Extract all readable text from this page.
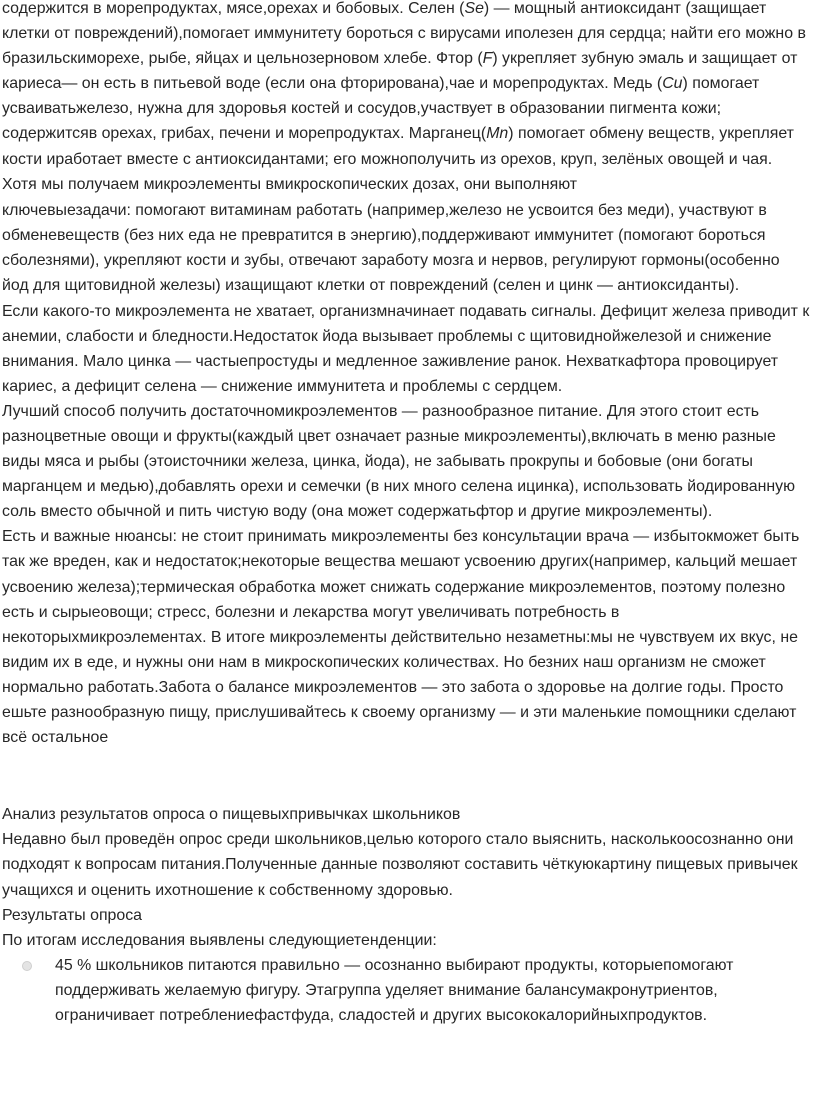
содержится в морепродуктах, мясе,орехах и бобовых. Селен (Se) — мощный антиоксидант (защищает клетки от повреждений),помогает иммунитету бороться с вирусами иполезен для сердца; найти его можно в бразильскиморехе, рыбе, яйцах и цельнозерновом хлебе. Фтор (F) укрепляет зубную эмаль и защищает от кариеса— он есть в питьевой воде (если она фторирована),чае и морепродуктах. Медь (Cu) помогает усваиватьжелезо, нужна для здоровья костей и сосудов,участвует в образовании пигмента кожи; содержитсяв орехах, грибах, печени и морепродуктах. Марганец(Mn) помогает обмену веществ, укрепляет кости иработает вместе с антиоксидантами; его можнополучить из орехов, круп, зелёных овощей и чая.

Хотя мы получаем микроэлементы вмикроскопических дозах, они выполняют

ключевыезадачи: помогают витаминам работать (например,железо не усвоится без меди), участвуют в обменевеществ (без них еда не превратится в энергию),поддерживают иммунитет (помогают бороться сболезнями), укрепляют кости и зубы, отвечают заработу мозга и нервов, регулируют гормоны(особенно йод для щитовидной железы) изащищают клетки от повреждений (селен и цинк — антиоксиданты).

Если какого-то микроэлемента не хватает, организмначинает подавать сигналы. Дефицит железа приводит к анемии, слабости и бледности.Недостаток йода вызывает проблемы с щитовиднойжелезой и снижение внимания. Мало цинка — частыепростуды и медленное заживление ранок. Нехваткафтора провоцирует кариес, а дефицит селена — снижение иммунитета и проблемы с сердцем.

Лучший способ получить достаточномикроэлементов — разнообразное питание. Для этого стоит есть разноцветные овощи и фрукты(каждый цвет означает разные микроэлементы),включать в меню разные виды мяса и рыбы (этоисточники железа, цинка, йода), не забывать прокрупы и бобовые (они богаты марганцем и медью),добавлять орехи и семечки (в них много селена ицинка), использовать йодированную соль вместо обычной и пить чистую воду (она может содержатьфтор и другие микроэлементы).

Есть и важные нюансы: не стоит принимать микроэлементы без консультации врача — избытокможет быть так же вреден, как и недостаток;некоторые вещества мешают усвоению других(например, кальций мешает усвоению железа);термическая обработка может снижать содержание микроэлементов, поэтому полезно есть и сырыеовощи; стресс, болезни и лекарства могут увеличивать потребность в некоторыхмикроэлементах. В итоге микроэлементы действительно незаметны:мы не чувствуем их вкус, не видим их в еде, и нужны они нам в микроскопических количествах. Но безних наш организм не сможет нормально работать.Забота о балансе микроэлементов — это забота о здоровье на долгие годы. Просто ешьте разнообразную пищу, прислушивайтесь к своему организму — и эти маленькие помощники сделают всё остальное

Анализ результатов опроса о пищевыхпривычках школьников

Недавно был проведён опрос среди школьников,целью которого стало выяснить, насколькоосознанно они подходят к вопросам питания.Полученные данные позволяют составить чёткуюкартину пищевых привычек учащихся и оценить ихотношение к собственному здоровью.

Результаты опроса

По итогам исследования выявлены следующиетенденции:

45 % школьников питаются правильно — осознанно выбирают продукты, которыепомогают поддерживать желаемую фигуру. Этагруппа уделяет внимание балансумакронутриентов, ограничивает потреблениефастфуда, сладостей и других высококалорийныхпродуктов.
